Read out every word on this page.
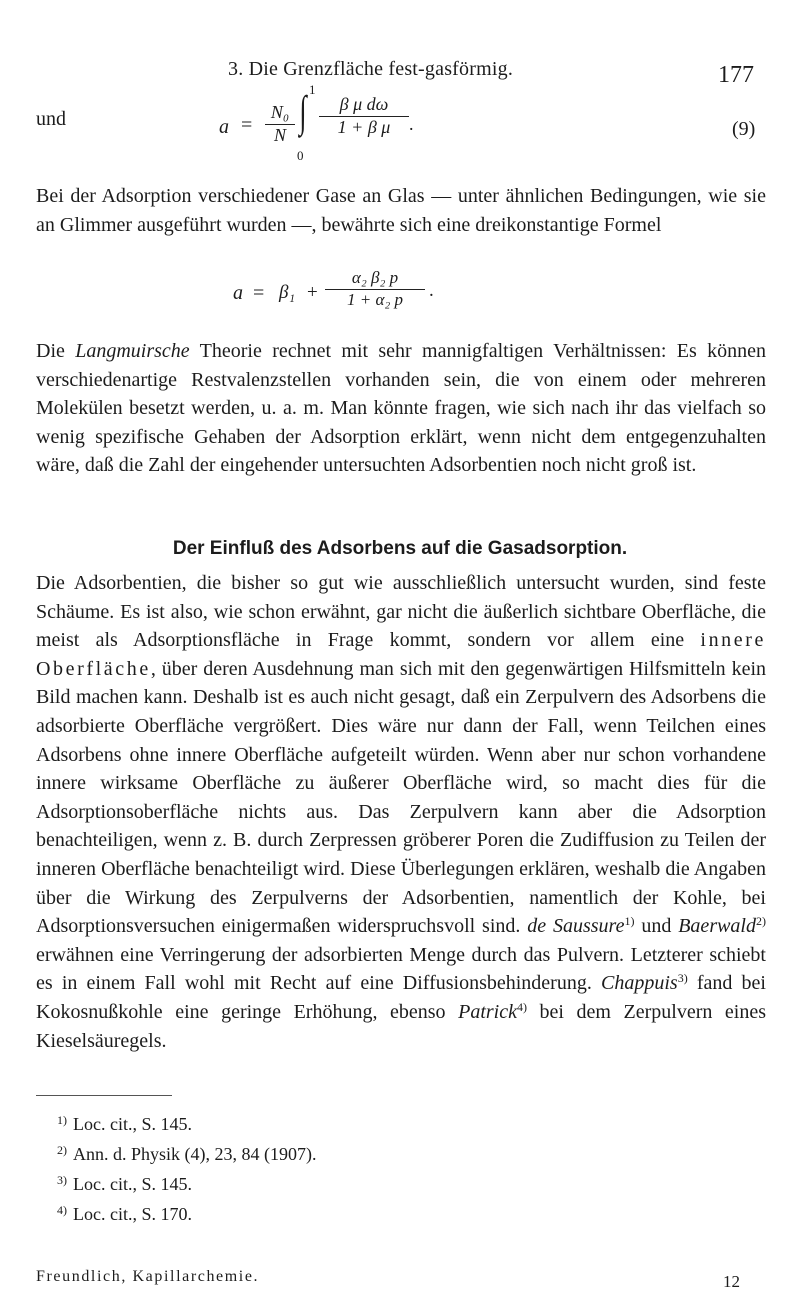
3. Die Grenzfläche fest-gasförmig.	177
und	$a = \frac{\text{N₀}}{N}$ ∫ 1
0
$\frac{\text{β μ dω}}{\text{1 + β μ}}$ .	(9)

Bei der Adsorption verschiedener Gase an Glas — unter ähnlichen Bedingungen, wie sie an Glimmer ausgeführt wurden —, bewährte sich eine dreikonstantige Formel

$a = \beta_1 + \frac{\text{α₂ β₂ p}}{\text{1 + α₂ p}}$ .

Die Langmuirsche Theorie rechnet mit sehr mannigfaltigen Verhältnissen: Es können verschiedenartige Restvalenzstellen vorhanden sein, die von einem oder mehreren Molekülen besetzt werden, u. a. m. Man könnte fragen, wie sich nach ihr das vielfach so wenig spezifische Gehaben der Adsorption erklärt, wenn nicht dem entgegenzuhalten wäre, daß die Zahl der eingehender untersuchten Adsorbentien noch nicht groß ist.

Der Einfluß des Adsorbens auf die Gasadsorption.

Die Adsorbentien, die bisher so gut wie ausschließlich untersucht wurden, sind feste Schäume. Es ist also, wie schon erwähnt, gar nicht die äußerlich sichtbare Oberfläche, die meist als Adsorptionsfläche in Frage kommt, sondern vor allem eine innere Oberfläche, über deren Ausdehnung man sich mit den gegenwärtigen Hilfsmitteln kein Bild machen kann. Deshalb ist es auch nicht gesagt, daß ein Zerpulvern des Adsorbens die adsorbierte Oberfläche vergrößert. Dies wäre nur dann der Fall, wenn Teilchen eines Adsorbens ohne innere Oberfläche aufgeteilt würden. Wenn aber nur schon vorhandene innere wirksame Oberfläche zu äußerer Oberfläche wird, so macht dies für die Adsorptionsoberfläche nichts aus. Das Zerpulvern kann aber die Adsorption benachteiligen, wenn z. B. durch Zerpressen gröberer Poren die Zudiffusion zu Teilen der inneren Oberfläche benachteiligt wird. Diese Überlegungen erklären, weshalb die Angaben über die Wirkung des Zerpulverns der Adsorbentien, namentlich der Kohle, bei Adsorptionsversuchen einigermaßen widerspruchsvoll sind. de Saussure$^{1)}$ und Baerwald$^{2)}$ erwähnen eine Verringerung der adsorbierten Menge durch das Pulvern. Letzterer schiebt es in einem Fall wohl mit Recht auf eine Diffusionsbehinderung. Chappuis$^{3)}$ fand bei Kokosnußkohle eine geringe Erhöhung, ebenso Patrick$^{4)}$ bei dem Zerpulvern eines Kieselsäuregels.

$^{1)}$ Loc. cit., S. 145.
$^{2)}$ Ann. d. Physik (4), 23, 84 (1907).
$^{3)}$ Loc. cit., S. 145.
$^{4)}$ Loc. cit., S. 170.
Freundlich, Kapillarchemie.	12
